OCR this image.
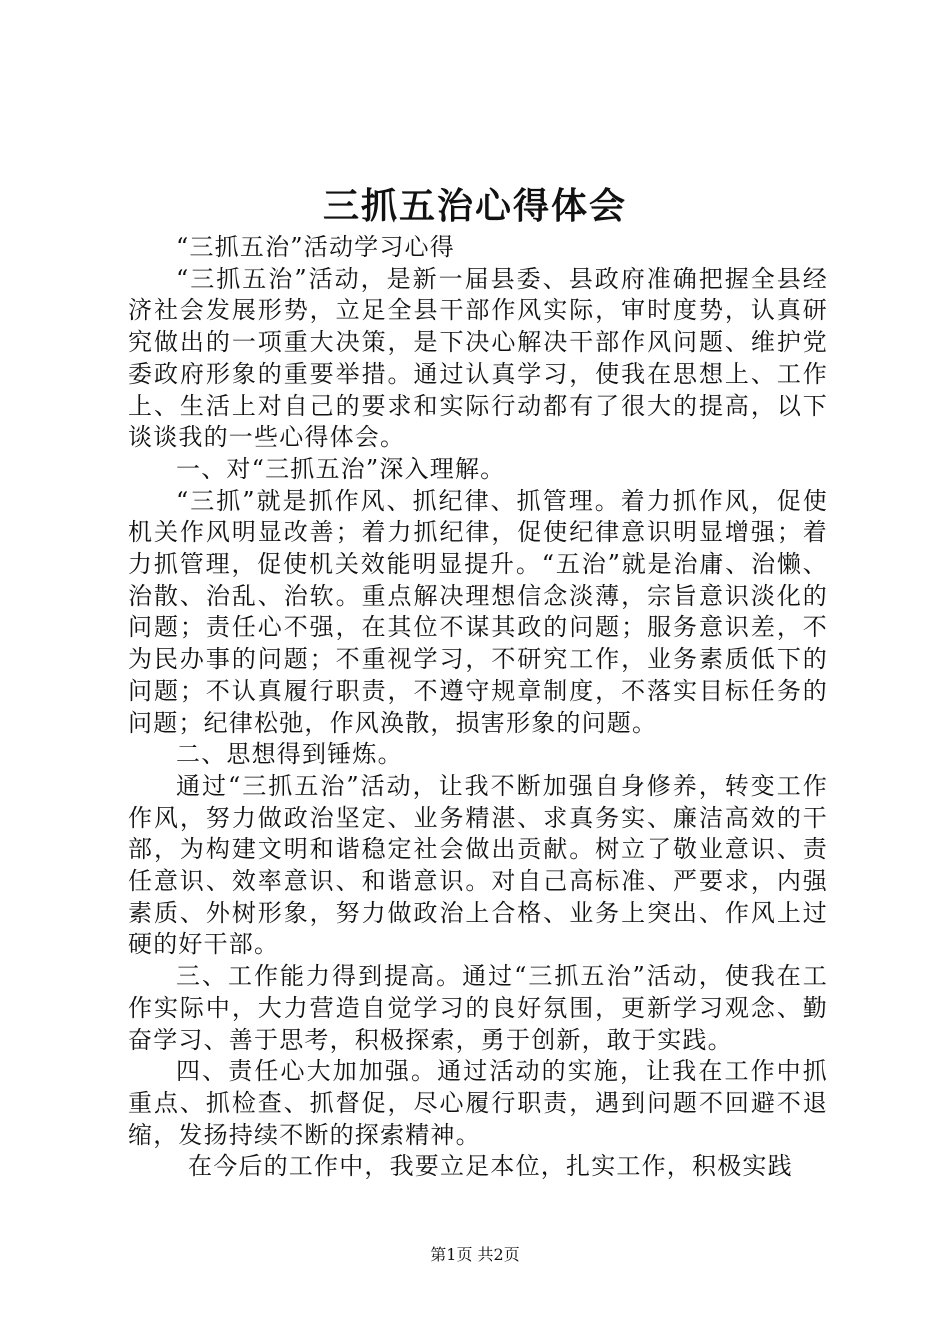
三抓五治心得体会

“三抓五治”活动学习心得

“三抓五治”活动，是新一届县委、县政府准确把握全县经济社会发展形势，立足全县干部作风实际，审时度势，认真研究做出的一项重大决策，是下决心解决干部作风问题、维护党委政府形象的重要举措。通过认真学习，使我在思想上、工作上、生活上对自己的要求和实际行动都有了很大的提高，以下谈谈我的一些心得体会。

一、对“三抓五治”深入理解。

“三抓”就是抓作风、抓纪律、抓管理。着力抓作风，促使机关作风明显改善；着力抓纪律，促使纪律意识明显增强；着力抓管理，促使机关效能明显提升。“五治”就是治庸、治懒、治散、治乱、治软。重点解决理想信念淡薄，宗旨意识淡化的问题；责任心不强，在其位不谋其政的问题；服务意识差，不为民办事的问题；不重视学习，不研究工作，业务素质低下的问题；不认真履行职责，不遵守规章制度，不落实目标任务的问题；纪律松弛，作风涣散，损害形象的问题。

二、思想得到锤炼。

通过“三抓五治”活动，让我不断加强自身修养，转变工作作风，努力做政治坚定、业务精湛、求真务实、廉洁高效的干部，为构建文明和谐稳定社会做出贡献。树立了敬业意识、责任意识、效率意识、和谐意识。对自己高标准、严要求，内强素质、外树形象，努力做政治上合格、业务上突出、作风上过硬的好干部。

三、工作能力得到提高。通过“三抓五治”活动，使我在工作实际中，大力营造自觉学习的良好氛围，更新学习观念、勤奋学习、善于思考，积极探索，勇于创新，敢于实践。

四、责任心大加加强。通过活动的实施，让我在工作中抓重点、抓检查、抓督促，尽心履行职责，遇到问题不回避不退缩，发扬持续不断的探索精神。

在今后的工作中，我要立足本位，扎实工作，积极实践

第1页 共2页
